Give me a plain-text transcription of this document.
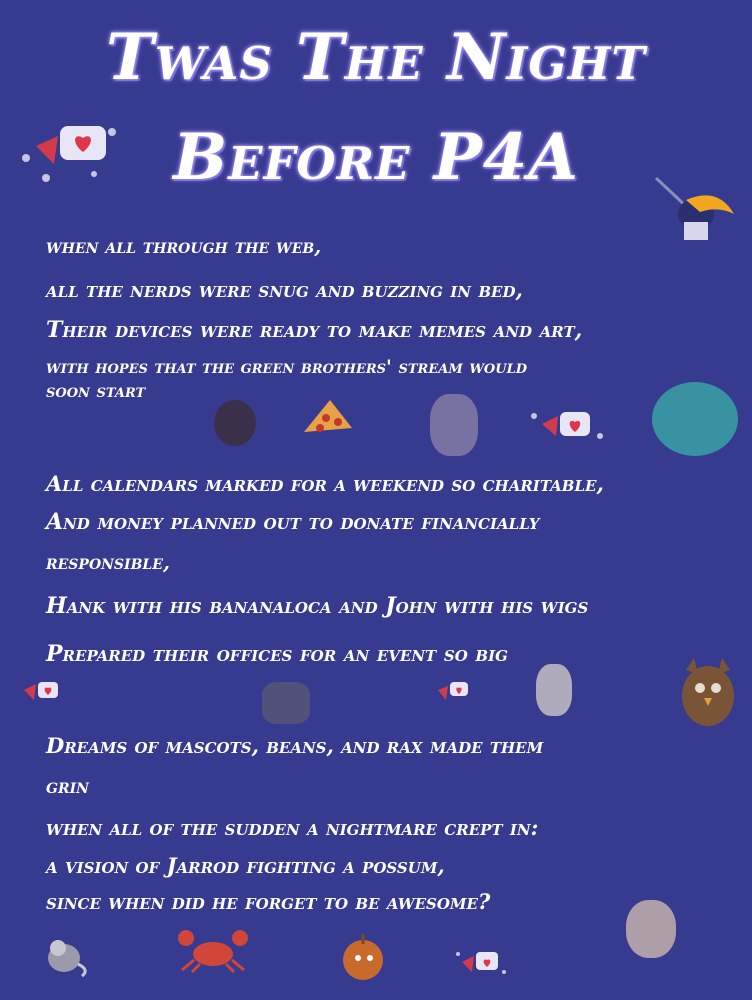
Twas The Night
Before P4A
when all through the web,
all the nerds were snug and buzzing in bed,
Their devices were ready to make memes and art,
with hopes that the green brothers' stream would
soon start
All calendars marked for a weekend so charitable,
And money planned out to donate financially
responsible,
Hank with his bananaloca and John with his wigs
Prepared their offices for an event so big
Dreams of mascots, beans, and rax made them
grin
when all of the sudden a nightmare crept in:
a vision of Jarrod fighting a possum,
since when did he forget to be awesome?
